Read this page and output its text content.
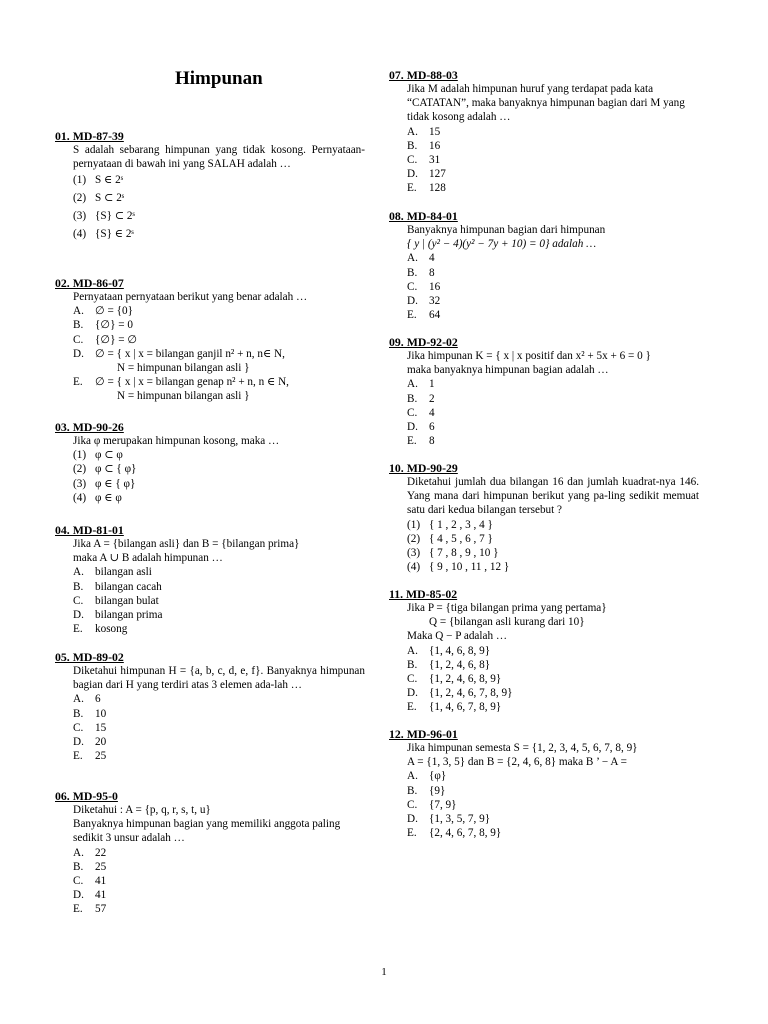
Himpunan
01. MD-87-39
S adalah sebarang himpunan yang tidak kosong. Pernyataan-pernyataan di bawah ini yang SALAH adalah …
(1) S ∈ 2ˢ
(2) S ⊂ 2ˢ
(3) {S} ⊂ 2ˢ
(4) {S} ∈ 2ˢ
02. MD-86-07
Pernyataan pernyataan berikut yang benar adalah …
A. ∅ = {0}
B.	{∅} = 0
C.	{∅} = ∅
D. ∅ = { x | x = bilangan ganjil n² + n, n∈ N,
N = himpunan bilangan asli }
E.	∅ = { x | x = bilangan genap n² + n, n ∈ N,
N = himpunan bilangan asli }
03. MD-90-26
Jika φ merupakan himpunan kosong, maka …
(1) φ ⊂ φ
(2) φ ⊂ { φ}
(3) φ ∈ { φ}
(4) φ ∈ φ
04. MD-81-01
Jika A = {bilangan asli} dan B = {bilangan prima}
maka A ∪ B adalah himpunan …
A. bilangan asli
B.	bilangan cacah
C.	bilangan bulat
D. bilangan prima
E.	kosong
05. MD-89-02
Diketahui himpunan H = {a, b, c, d, e, f}. Banyaknya himpunan bagian dari H yang terdiri atas 3 elemen ada-lah …
A. 6
B.	10
C.	15
D. 20
E.	25
06. MD-95-0
Diketahui : A = {p, q, r, s, t, u}
Banyaknya himpunan bagian yang memiliki anggota paling sedikit 3 unsur adalah …
A. 22
B.	25
C.	41
D. 41
E.	57
07. MD-88-03
Jika M adalah himpunan huruf yang terdapat pada kata “CATATAN”, maka banyaknya himpunan bagian dari M yang tidak kosong adalah …
A. 15
B.	16
C.	31
D. 127
E.	128
08. MD-84-01
Banyaknya himpunan bagian dari himpunan
{ y | (y² − 4)(y² − 7y + 10) = 0} adalah …
A. 4
B.	8
C.	16
D. 32
E.	64
09. MD-92-02
Jika himpunan K = { x | x positif dan x² + 5x + 6 = 0 }
maka banyaknya himpunan bagian adalah …
A. 1
B.	2
C.	4
D. 6
E.	8
10. MD-90-29
Diketahui jumlah dua bilangan 16 dan jumlah kuadrat-nya 146. Yang mana dari himpunan berikut yang pa-ling sedikit memuat satu dari kedua bilangan tersebut ?
(1) { 1 , 2 , 3 , 4 }
(2) { 4 , 5 , 6 , 7 }
(3) { 7 , 8 , 9 , 10 }
(4) { 9 , 10 , 11 , 12 }
11. MD-85-02
Jika P = {tiga bilangan prima yang pertama}
Q = {bilangan asli kurang dari 10}
Maka Q − P adalah …
A. {1, 4, 6, 8, 9}
B.	{1, 2, 4, 6, 8}
C.	{1, 2, 4, 6, 8, 9}
D. {1, 2, 4, 6, 7, 8, 9}
E.	{1, 4, 6, 7, 8, 9}
12. MD-96-01
Jika himpunan semesta S = {1, 2, 3, 4, 5, 6, 7, 8, 9}
A = {1, 3, 5} dan B = {2, 4, 6, 8} maka B ’ − A =
A. {φ}
B.	{9}
C.	{7, 9}
D. {1, 3, 5, 7, 9}
E.	{2, 4, 6, 7, 8, 9}
1
